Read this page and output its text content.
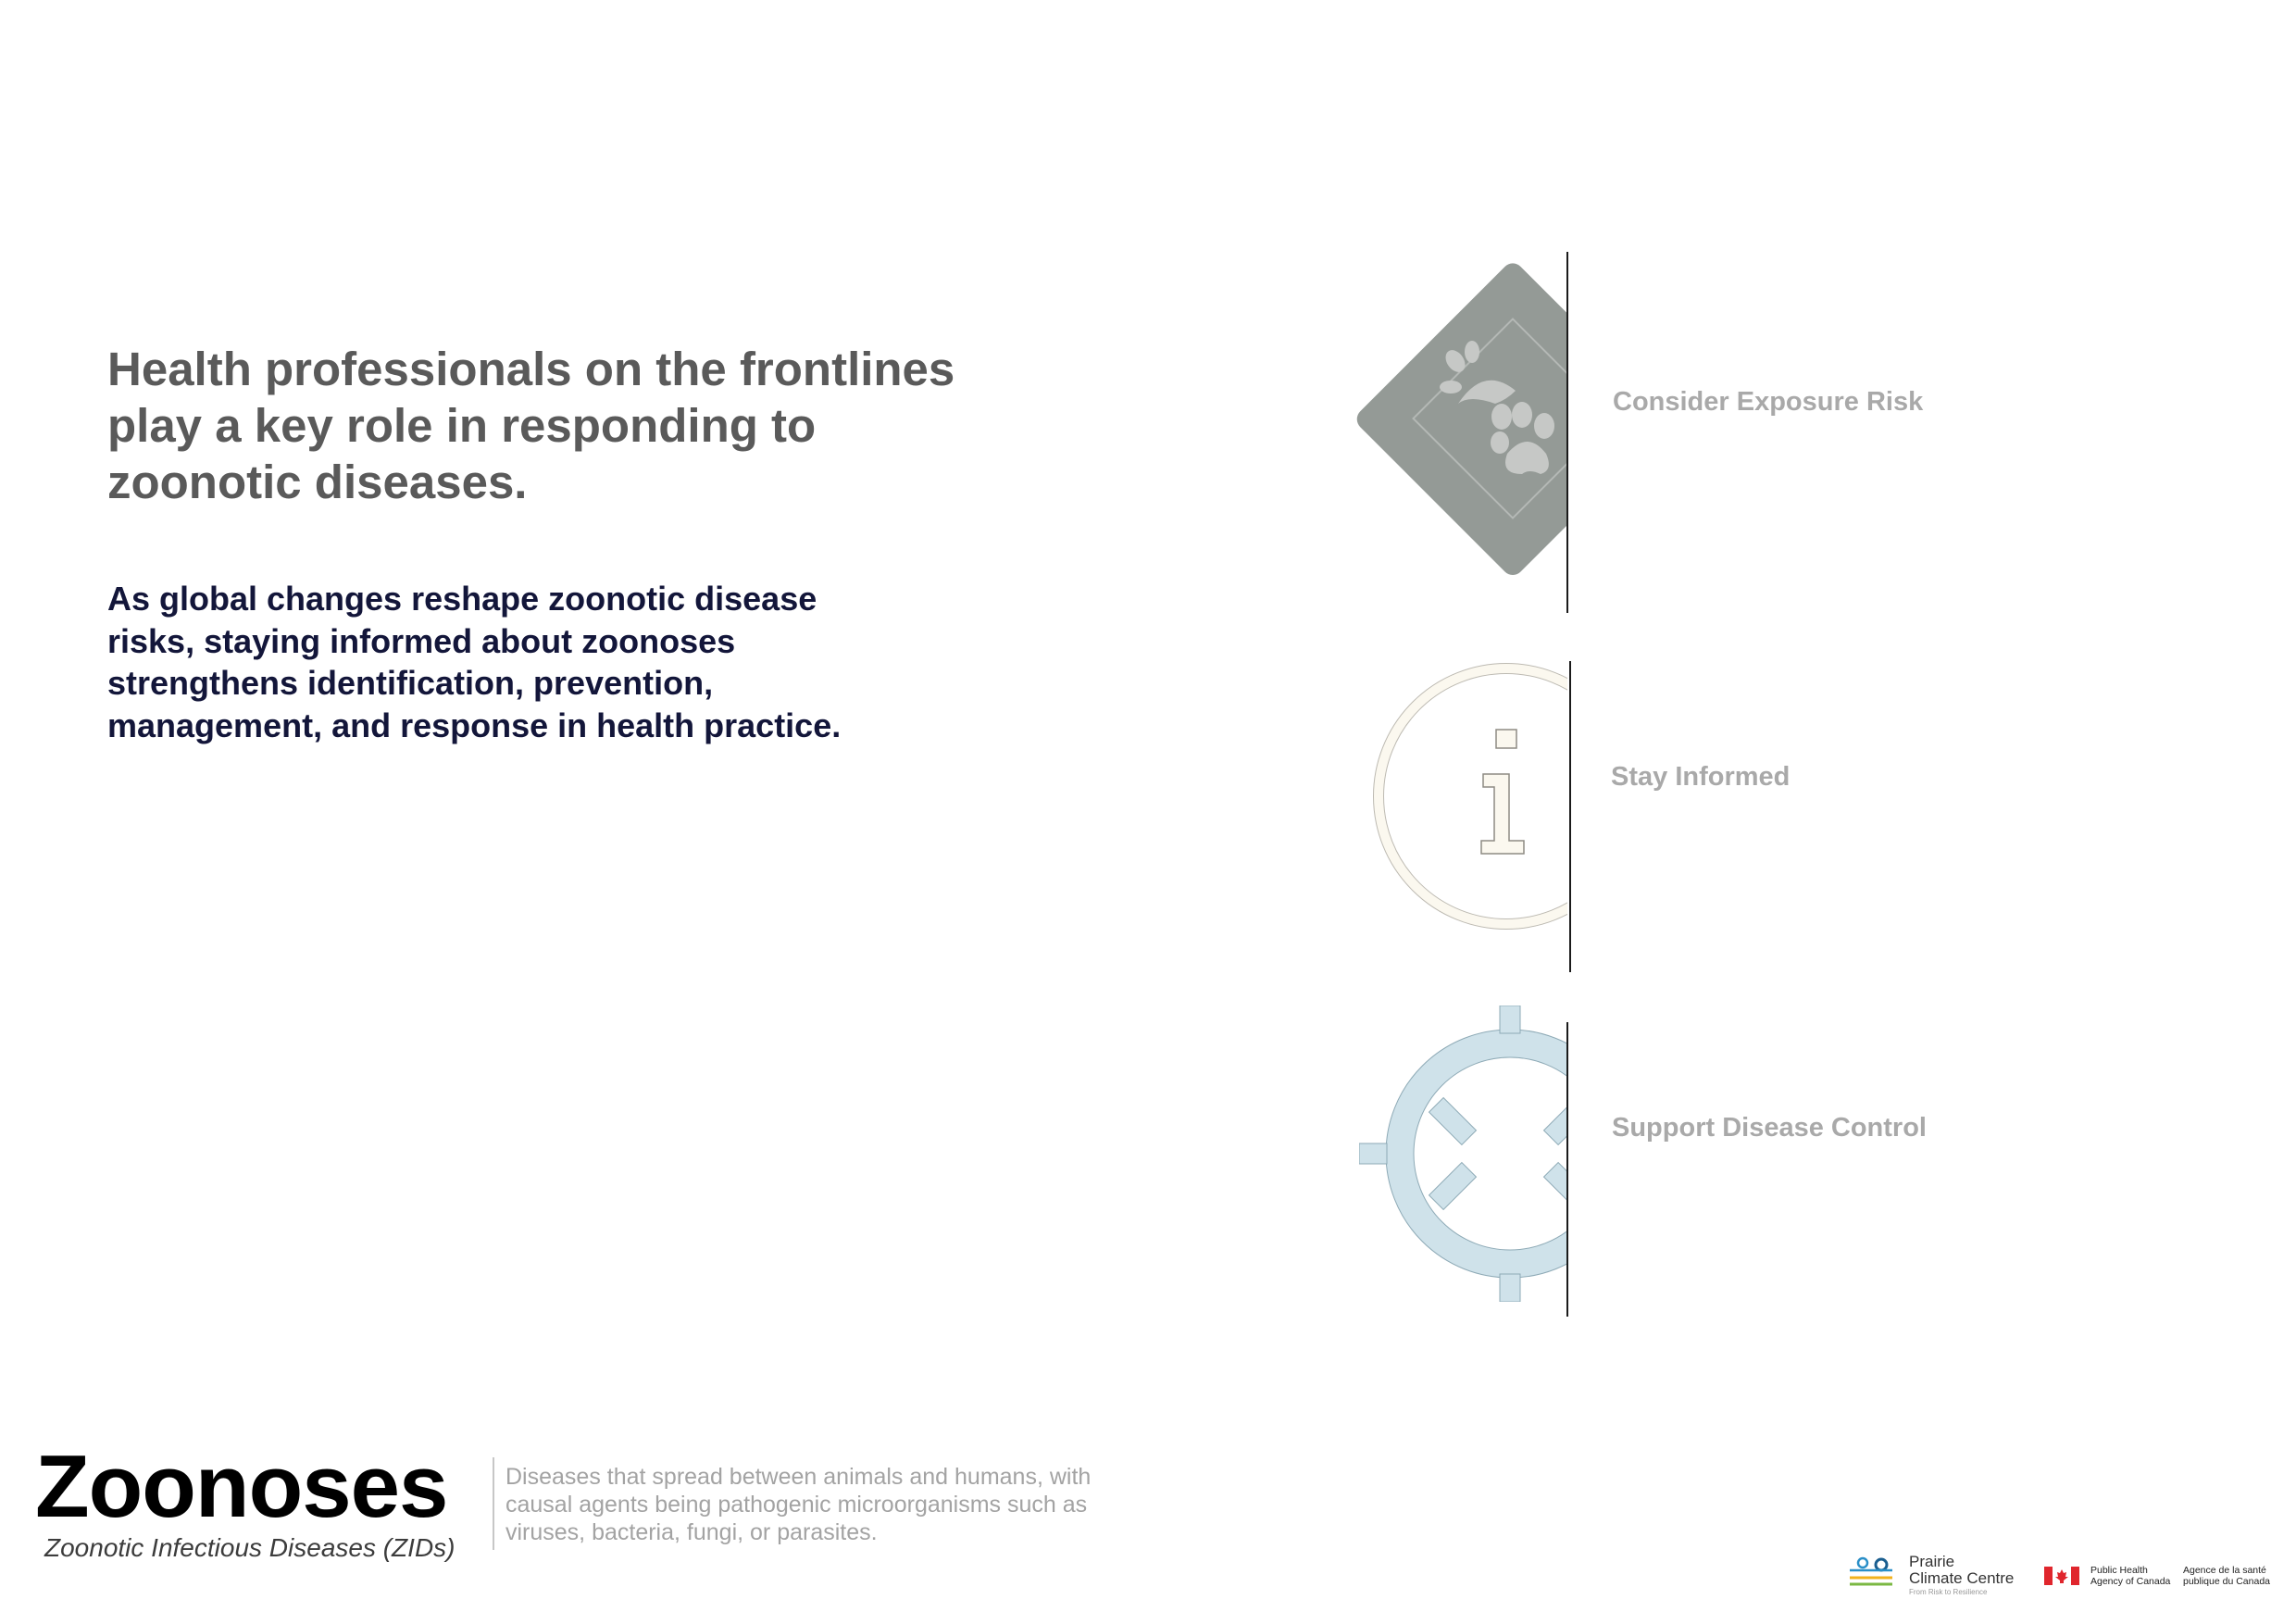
Health professionals on the frontlines
play a key role in responding to
zoonotic diseases.

As global changes reshape zoonotic disease
risks, staying informed about zoonoses
strengthens identification, prevention,
management, and response in health practice.

Consider Exposure Risk
Stay Informed
Support Disease Control
Zoonoses
Zoonotic Infectious Diseases (ZIDs)

Diseases that spread between animals and humans, with
causal agents being pathogenic microorganisms such as
viruses, bacteria, fungi, or parasites.

Prairie
Climate Centre
From Risk to Resilience
Public Health
Agency of Canada
Agence de la santé
publique du Canada
